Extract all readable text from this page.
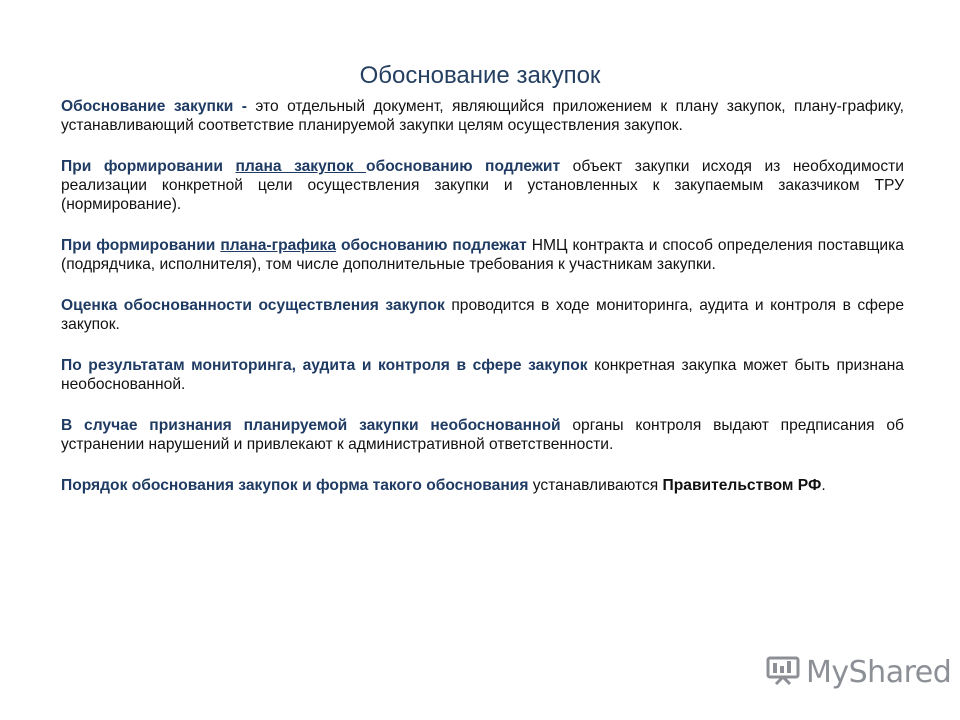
Обоснование закупок

Обоснование закупки - это отдельный документ, являющийся приложением к плану закупок, плану-графику, устанавливающий соответствие планируемой закупки целям осуществления закупок.

При формировании плана закупок обоснованию подлежит объект закупки исходя из необходимости реализации конкретной цели осуществления закупки и установленных к закупаемым заказчиком ТРУ (нормирование).

При формировании плана-графика обоснованию подлежат НМЦ контракта и способ определения поставщика (подрядчика, исполнителя), том числе дополнительные требования к участникам закупки.

Оценка обоснованности осуществления закупок проводится в ходе мониторинга, аудита и контроля в сфере закупок.

По результатам мониторинга, аудита и контроля в сфере закупок конкретная закупка может быть признана необоснованной.

В случае признания планируемой закупки необоснованной органы контроля выдают предписания об устранении нарушений и привлекают к административной ответственности.

Порядок обоснования закупок и форма такого обоснования устанавливаются Правительством РФ.

MyShared
